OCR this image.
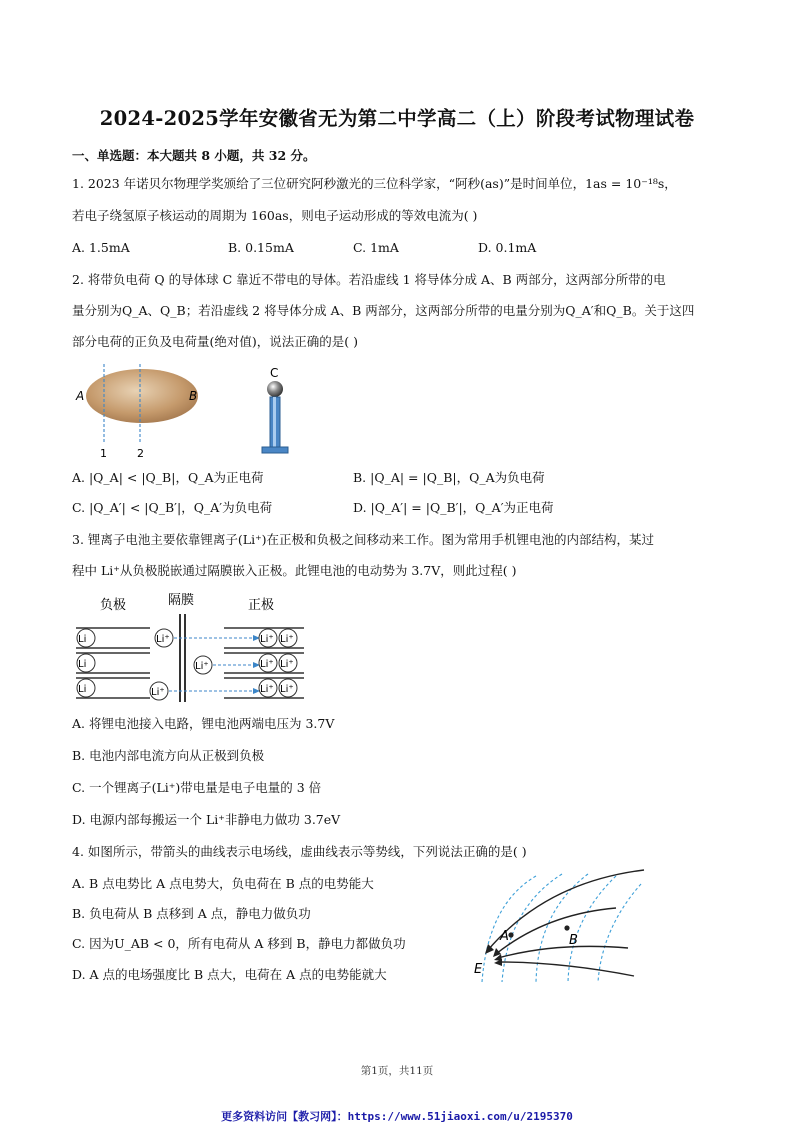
2024-2025学年安徽省无为第二中学高二（上）阶段考试物理试卷
一、单选题：本大题共 8 小题，共 32 分。
1. 2023 年诺贝尔物理学奖颁给了三位研究阿秒激光的三位科学家，“阿秒(as)”是时间单位，1as = 10⁻¹⁸s，
若电子绕氢原子核运动的周期为 160as，则电子运动形成的等效电流为( )
A. 1.5mA	B. 0.15mA	C. 1mA	D. 0.1mA
2. 将带负电荷 Q 的导体球 C 靠近不带电的导体。若沿虚线 1 将导体分成 A、B 两部分，这两部分所带的电
量分别为Q_A、Q_B；若沿虚线 2 将导体分成 A、B 两部分，这两部分所带的电量分别为Q_A′和Q_B。关于这四
部分电荷的正负及电荷量(绝对值)，说法正确的是( )
A	B
1	2
C
A. |Q_A| < |Q_B|，Q_A为正电荷	B. |Q_A| = |Q_B|，Q_A为负电荷
C. |Q_A′| < |Q_B′|，Q_A′为负电荷	D. |Q_A′| = |Q_B′|，Q_A′为正电荷
3. 锂离子电池主要依靠锂离子(Li⁺)在正极和负极之间移动来工作。图为常用手机锂电池的内部结构，某过
程中 Li⁺从负极脱嵌通过隔膜嵌入正极。此锂电池的电动势为 3.7V，则此过程( )
负极	隔膜	正极
Li
Li
Li
Li⁺
Li⁺
Li⁺
Li⁺ Li⁺
Li⁺ Li⁺
Li⁺ Li⁺
A. 将锂电池接入电路，锂电池两端电压为 3.7V
B. 电池内部电流方向从正极到负极
C. 一个锂离子(Li⁺)带电量是电子电量的 3 倍
D. 电源内部每搬运一个 Li⁺非静电力做功 3.7eV
4. 如图所示，带箭头的曲线表示电场线，虚曲线表示等势线，下列说法正确的是( )
A. B 点电势比 A 点电势大，负电荷在 B 点的电势能大
B. 负电荷从 B 点移到 A 点，静电力做负功
C. 因为U_AB < 0，所有电荷从 A 移到 B，静电力都做负功
D. A 点的电场强度比 B 点大，电荷在 A 点的电势能就大
A	B
E
第1页，共11页
更多资料访问【教习网】：https://www.51jiaoxi.com/u/2195370
